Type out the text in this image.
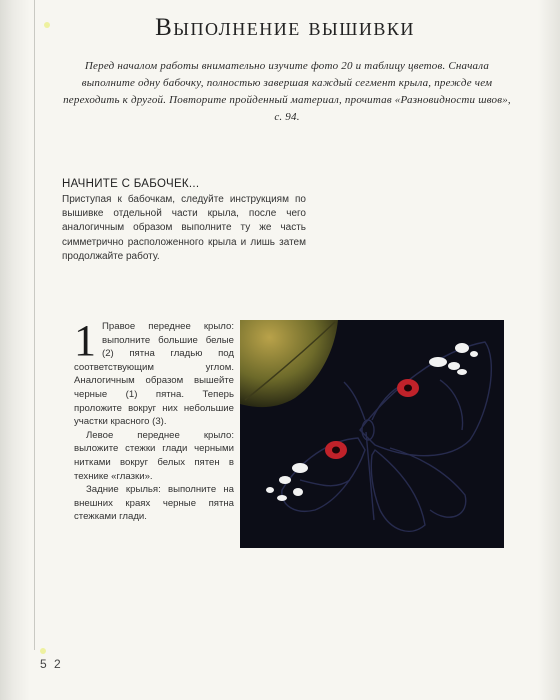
Выполнение вышивки
Перед началом работы внимательно изучите фото 20 и таблицу цветов. Сначала выполните одну бабочку, полностью завершая каждый сегмент крыла, прежде чем переходить к другой. Повторите пройденный материал, прочитав «Разновидности швов», с. 94.
НАЧНИТЕ С БАБОЧЕК...
Приступая к бабочкам, следуйте инструкциям по вышивке отдельной части крыла, после чего аналогичным образом выполните ту же часть симметрично расположенного крыла и лишь затем продолжайте работу.
1 Правое переднее крыло: выполните большие белые (2) пятна гладью под соответствующим углом. Аналогичным образом вышейте черные (1) пятна. Теперь проложите вокруг них небольшие участки красного (3).

Левое переднее крыло: выложите стежки глади черными нитками вокруг белых пятен в технике «глазки».

Задние крылья: выполните на внешних краях черные пятна стежками глади.

5 2
